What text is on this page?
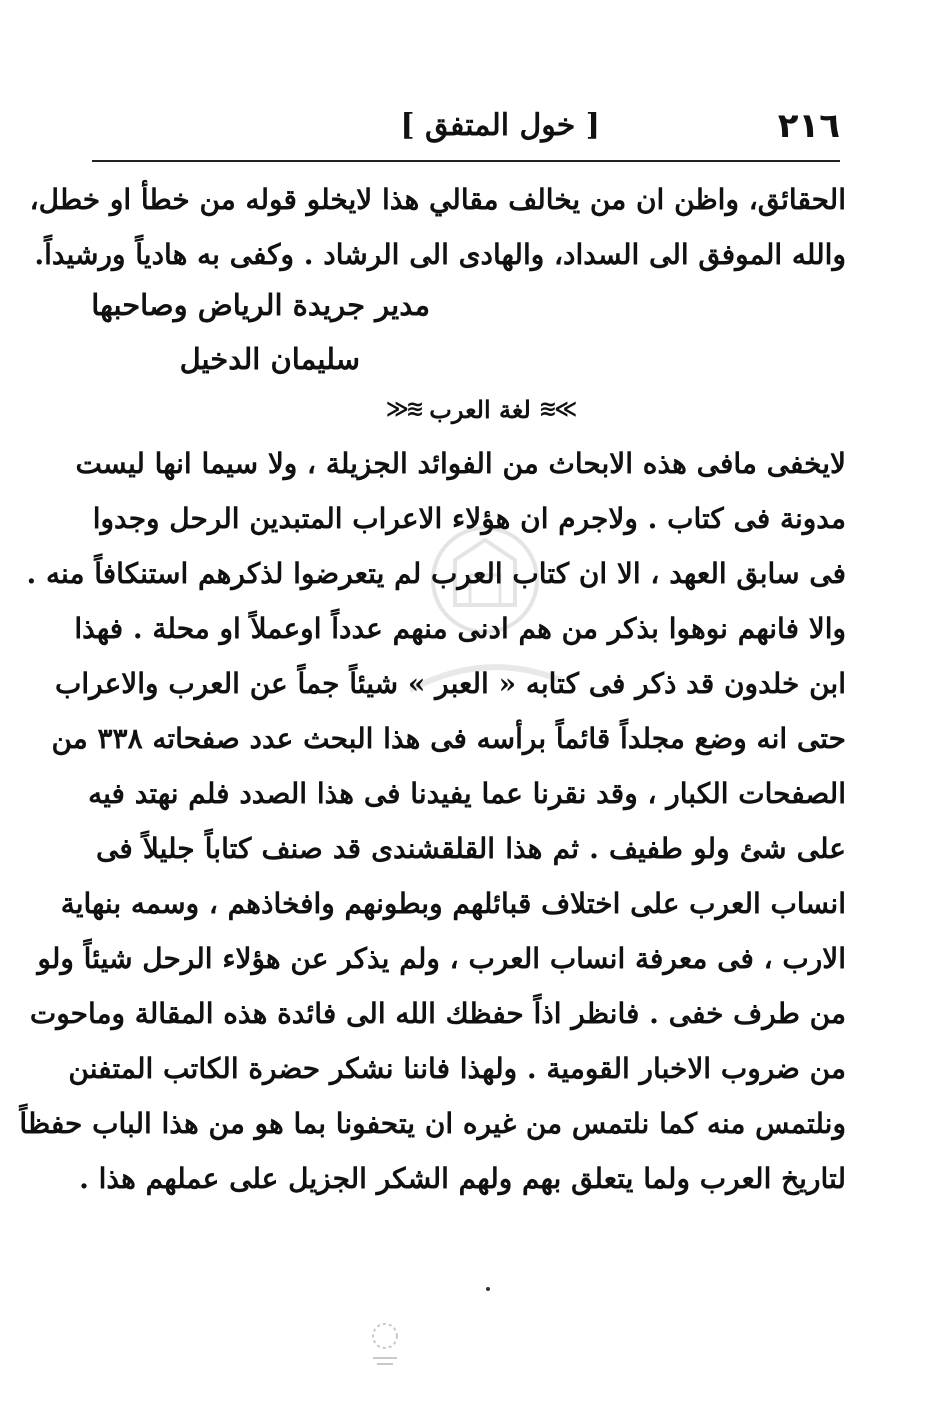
٢١٦
[ خول المتفق ]
الحقائق، واظن ان من يخالف مقالي هذا لايخلو قوله من خطأ او خطل،
والله الموفق الى السداد، والهادى الى الرشاد . وكفى به هادياً ورشيداً.
مدير جريدة الرياض وصاحبها
سليمان الدخيل
≫≋
لغة العرب
≋≪
لايخفى مافى هذه الابحاث من الفوائد الجزيلة ، ولا سيما انها ليست
مدونة فى كتاب . ولاجرم ان هؤلاء الاعراب المتبدين الرحل وجدوا
فى سابق العهد ، الا ان كتاب العرب لم يتعرضوا لذكرهم استنكافاً منه .
والا فانهم نوهوا بذكر من هم ادنى منهم عدداً اوعملاً او محلة . فهذا
ابن خلدون قد ذكر فى كتابه « العبر » شيئاً جماً عن العرب والاعراب
حتى انه وضع مجلداً قائماً برأسه فى هذا البحث عدد صفحاته ٣٣٨ من
الصفحات الكبار ، وقد نقرنا عما يفيدنا فى هذا الصدد فلم نهتد فيه
على شئ ولو طفيف . ثم هذا القلقشندى قد صنف كتاباً جليلاً فى
انساب العرب على اختلاف قبائلهم وبطونهم وافخاذهم ، وسمه بنهاية
الارب ، فى معرفة انساب العرب ، ولم يذكر عن هؤلاء الرحل شيئاً ولو
من طرف خفى . فانظر اذاً حفظك الله الى فائدة هذه المقالة وماحوت
من ضروب الاخبار القومية . ولهذا فاننا نشكر حضرة الكاتب المتفنن
ونلتمس منه كما نلتمس من غيره ان يتحفونا بما هو من هذا الباب حفظاً
لتاريخ العرب ولما يتعلق بهم ولهم الشكر الجزيل على عملهم هذا .
